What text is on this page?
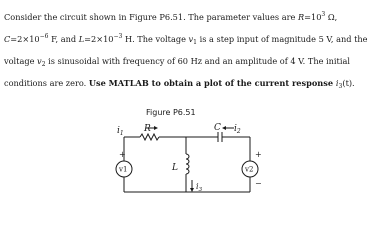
Consider the circuit shown in Figure P6.51. The parameter values are $R=10^3$ Ω,
$C=2\times 10^{-6}$ F, and $L=2\times 10^{-3}$ H. The voltage $v_1$ is a step input of magnitude 5 V, and the
voltage $v_2$ is sinusoidal with frequency of 60 Hz and an amplitude of 4 V. The initial
conditions are zero. Use MATLAB to obtain a plot of the current response $i_3(t)$.
Figure P6.51
$i_1$ R	C $i_2$
L
$i_3$
v1	v2
+	+
−
